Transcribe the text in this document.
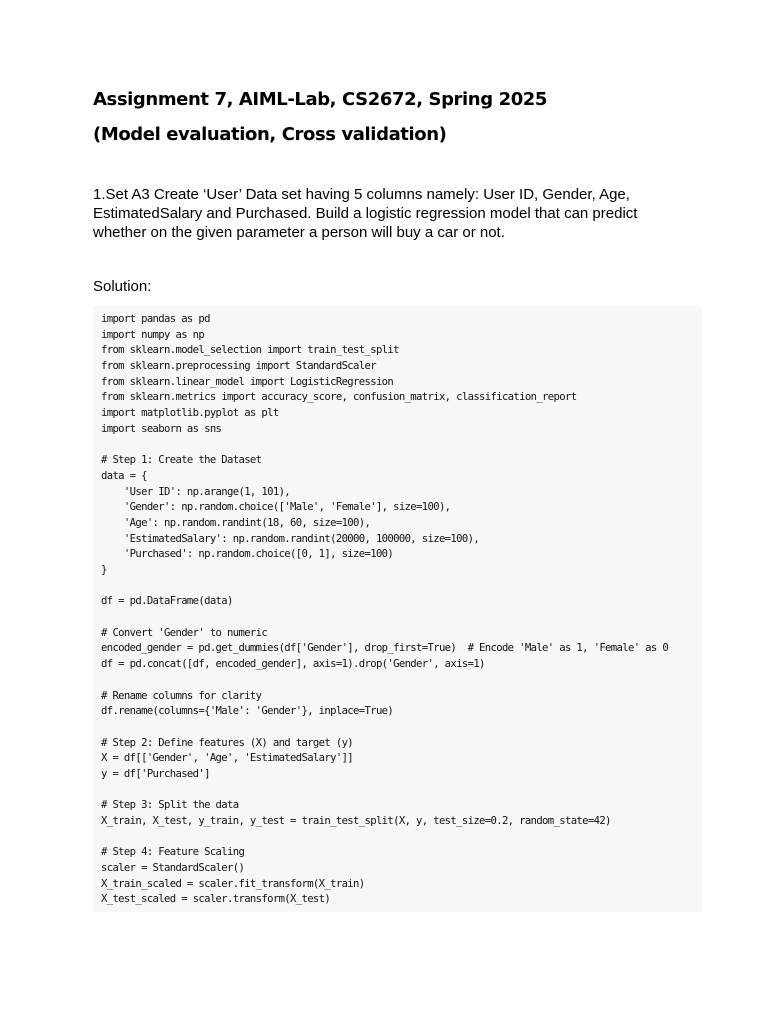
Assignment 7, AIML-Lab, CS2672, Spring 2025
(Model evaluation, Cross validation)
1.Set A3 Create ‘User’ Data set having 5 columns namely: User ID, Gender, Age,
EstimatedSalary and Purchased. Build a logistic regression model that can predict
whether on the given parameter a person will buy a car or not.
Solution:
import pandas as pd
import numpy as np
from sklearn.model_selection import train_test_split
from sklearn.preprocessing import StandardScaler
from sklearn.linear_model import LogisticRegression
from sklearn.metrics import accuracy_score, confusion_matrix, classification_report
import matplotlib.pyplot as plt
import seaborn as sns
# Step 1: Create the Dataset
data = {
'User ID': np.arange(1, 101),
'Gender': np.random.choice(['Male', 'Female'], size=100),
'Age': np.random.randint(18, 60, size=100),
'EstimatedSalary': np.random.randint(20000, 100000, size=100),
'Purchased': np.random.choice([0, 1], size=100)
}
df = pd.DataFrame(data)
# Convert 'Gender' to numeric
encoded_gender = pd.get_dummies(df['Gender'], drop_first=True)  # Encode 'Male' as 1, 'Female' as 0
df = pd.concat([df, encoded_gender], axis=1).drop('Gender', axis=1)
# Rename columns for clarity
df.rename(columns={'Male': 'Gender'}, inplace=True)
# Step 2: Define features (X) and target (y)
X = df[['Gender', 'Age', 'EstimatedSalary']]
y = df['Purchased']
# Step 3: Split the data
X_train, X_test, y_train, y_test = train_test_split(X, y, test_size=0.2, random_state=42)
# Step 4: Feature Scaling
scaler = StandardScaler()
X_train_scaled = scaler.fit_transform(X_train)
X_test_scaled = scaler.transform(X_test)
